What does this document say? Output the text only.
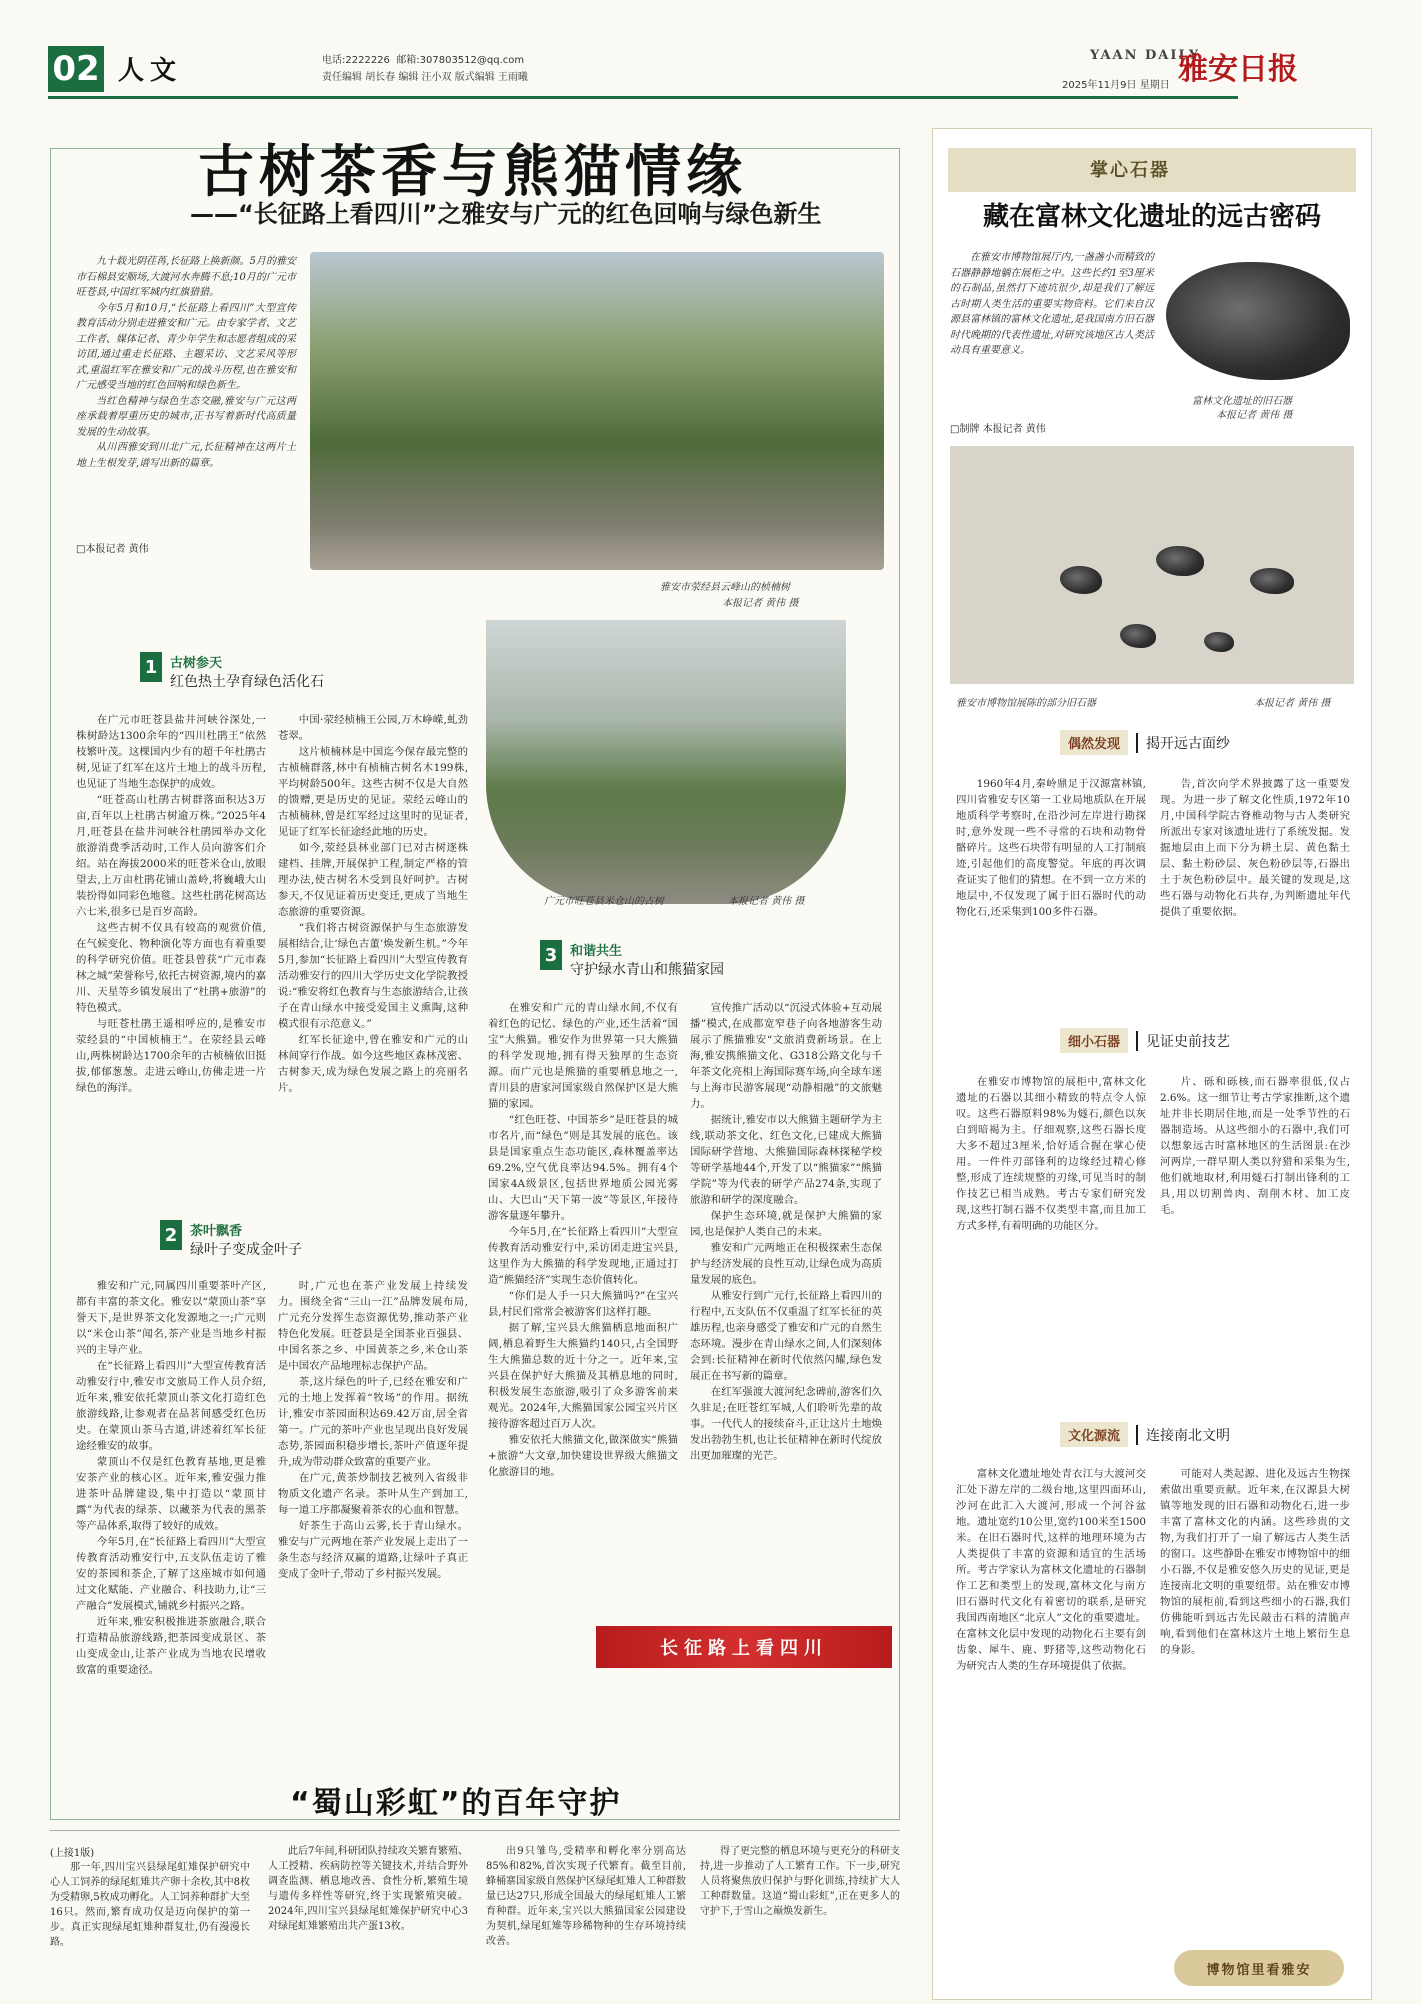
02 人文	电话:2222226 邮箱:307803512@qq.com
责任编辑 胡长春 编辑 汪小双 版式编辑 王雨曦
YAAN DAILY
2025年11月9日 星期日 雅安日报
古树茶香与熊猫情缘
——“长征路上看四川”之雅安与广元的红色回响与绿色新生

九十载光阴荏苒,长征路上换新颜。5月的雅安市石棉县安顺场,大渡河水奔腾不息;10月的广元市旺苍县,中国红军城内红旗猎猎。

今年5月和10月,“长征路上看四川”大型宣传教育活动分别走进雅安和广元。由专家学者、文艺工作者、媒体记者、青少年学生和志愿者组成的采访团,通过重走长征路、主题采访、文艺采风等形式,重温红军在雅安和广元的战斗历程,也在雅安和广元感受当地的红色回响和绿色新生。

当红色精神与绿色生态交融,雅安与广元这两座承载着厚重历史的城市,正书写着新时代高质量发展的生动故事。

从川西雅安到川北广元,长征精神在这两片土地上生根发芽,谱写出新的篇章。

□本报记者 黄伟
雅安市荥经县云峰山的桢楠树
本报记者 黄伟 摄
广元市旺苍县米仓山的古树	本报记者 黄伟 摄
1 古树参天
红色热土孕育绿色活化石

在广元市旺苍县盐井河峡谷深处,一株树龄达1300余年的“四川杜鹃王”依然枝繁叶茂。这棵国内少有的超千年杜鹃古树,见证了红军在这片土地上的战斗历程,也见证了当地生态保护的成效。

“旺苍高山杜鹃古树群落面积达3万亩,百年以上杜鹃古树逾万株。”2025年4月,旺苍县在盐井河峡谷杜鹃园举办文化旅游消费季活动时,工作人员向游客们介绍。站在海拔2000米的旺苍米仓山,放眼望去,上万亩杜鹃花铺山盖岭,将巍峨大山装扮得如同彩色地毯。这些杜鹃花树高达六七米,很多已是百岁高龄。

这些古树不仅具有较高的观赏价值,在气候变化、物种演化等方面也有着重要的科学研究价值。旺苍县曾获“广元市森林之城”荣誉称号,依托古树资源,境内的嘉川、天星等乡镇发展出了“杜鹃+旅游”的特色模式。

与旺苍杜鹃王遥相呼应的,是雅安市荥经县的“中国桢楠王”。在荥经县云峰山,两株树龄达1700余年的古桢楠依旧挺拔,郁郁葱葱。走进云峰山,仿佛走进一片绿色的海洋。

中国·荥经桢楠王公园,万木峥嵘,虬劲苍翠。

这片桢楠林是中国迄今保存最完整的古桢楠群落,林中有桢楠古树名木199株,平均树龄500年。这些古树不仅是大自然的馈赠,更是历史的见证。荥经云峰山的古桢楠林,曾是红军经过这里时的见证者,见证了红军长征途经此地的历史。

如今,荥经县林业部门已对古树逐株建档、挂牌,开展保护工程,制定严格的管理办法,使古树名木受到良好呵护。古树参天,不仅见证着历史变迁,更成了当地生态旅游的重要资源。

“我们将古树资源保护与生态旅游发展相结合,让‘绿色古董’焕发新生机。”今年5月,参加“长征路上看四川”大型宣传教育活动雅安行的四川大学历史文化学院教授说:“雅安将红色教育与生态旅游结合,让孩子在青山绿水中接受爱国主义熏陶,这种模式很有示范意义。”

红军长征途中,曾在雅安和广元的山林间穿行作战。如今这些地区森林茂密、古树参天,成为绿色发展之路上的亮丽名片。

2 茶叶飘香
绿叶子变成金叶子

雅安和广元,同属四川重要茶叶产区,都有丰富的茶文化。雅安以“蒙顶山茶”享誉天下,是世界茶文化发源地之一;广元则以“米仓山茶”闻名,茶产业是当地乡村振兴的主导产业。

在“长征路上看四川”大型宣传教育活动雅安行中,雅安市文旅局工作人员介绍,近年来,雅安依托蒙顶山茶文化打造红色旅游线路,让参观者在品茗间感受红色历史。在蒙顶山茶马古道,讲述着红军长征途经雅安的故事。

蒙顶山不仅是红色教育基地,更是雅安茶产业的核心区。近年来,雅安强力推进茶叶品牌建设,集中打造以“蒙顶甘露”为代表的绿茶、以藏茶为代表的黑茶等产品体系,取得了较好的成效。

今年5月,在“长征路上看四川”大型宣传教育活动雅安行中,五支队伍走访了雅安的茶园和茶企,了解了这座城市如何通过文化赋能、产业融合、科技助力,让“三产融合”发展模式,铺就乡村振兴之路。

近年来,雅安积极推进茶旅融合,联合打造精品旅游线路,把茶园变成景区、茶山变成金山,让茶产业成为当地农民增收致富的重要途径。

时,广元也在茶产业发展上持续发力。围绕全省“三山一江”品牌发展布局,广元充分发挥生态资源优势,推动茶产业特色化发展。旺苍县是全国茶业百强县、中国名茶之乡、中国黄茶之乡,米仓山茶是中国农产品地理标志保护产品。

茶,这片绿色的叶子,已经在雅安和广元的土地上发挥着“牧场”的作用。据统计,雅安市茶园面积达69.42万亩,居全省第一。广元的茶叶产业也呈现出良好发展态势,茶园面积稳步增长,茶叶产值逐年提升,成为带动群众致富的重要产业。

在广元,黄茶炒制技艺被列入省级非物质文化遗产名录。茶叶从生产到加工,每一道工序都凝聚着茶农的心血和智慧。

好茶生于高山云雾,长于青山绿水。雅安与广元两地在茶产业发展上走出了一条生态与经济双赢的道路,让绿叶子真正变成了金叶子,带动了乡村振兴发展。

3 和谐共生
守护绿水青山和熊猫家园

在雅安和广元的青山绿水间,不仅有着红色的记忆、绿色的产业,还生活着“国宝”大熊猫。雅安作为世界第一只大熊猫的科学发现地,拥有得天独厚的生态资源。而广元也是熊猫的重要栖息地之一,青川县的唐家河国家级自然保护区是大熊猫的家园。

“红色旺苍、中国茶乡”是旺苍县的城市名片,而“绿色”则是其发展的底色。该县是国家重点生态功能区,森林覆盖率达69.2%,空气优良率达94.5%。拥有4个国家4A级景区,包括世界地质公园光雾山、大巴山“天下第一波”等景区,年接待游客量逐年攀升。

今年5月,在“长征路上看四川”大型宣传教育活动雅安行中,采访团走进宝兴县,这里作为大熊猫的科学发现地,正通过打造“熊猫经济”实现生态价值转化。

“你们是人手一只大熊猫吗?”在宝兴县,村民们常常会被游客们这样打趣。

据了解,宝兴县大熊猫栖息地面积广阔,栖息着野生大熊猫约140只,占全国野生大熊猫总数的近十分之一。近年来,宝兴县在保护好大熊猫及其栖息地的同时,积极发展生态旅游,吸引了众多游客前来观光。2024年,大熊猫国家公园宝兴片区接待游客超过百万人次。

雅安依托大熊猫文化,做深做实“熊猫+旅游”大文章,加快建设世界级大熊猫文化旅游目的地。

宣传推广活动以“沉浸式体验+互动展播”模式,在成都宽窄巷子向各地游客生动展示了熊猫雅安“文旅消费新场景。在上海,雅安携熊猫文化、G318公路文化与千年茶文化亮相上海国际赛车场,向全球车迷与上海市民游客展现“动静相融”的文旅魅力。

据统计,雅安市以大熊猫主题研学为主线,联动茶文化、红色文化,已建成大熊猫国际研学营地、大熊猫国际森林探秘学校等研学基地44个,开发了以“熊猫家”“熊猫学院”等为代表的研学产品274条,实现了旅游和研学的深度融合。

保护生态环境,就是保护大熊猫的家园,也是保护人类自己的未来。

雅安和广元两地正在积极探索生态保护与经济发展的良性互动,让绿色成为高质量发展的底色。

从雅安行到广元行,长征路上看四川的行程中,五支队伍不仅重温了红军长征的英雄历程,也亲身感受了雅安和广元的自然生态环境。漫步在青山绿水之间,人们深刻体会到:长征精神在新时代依然闪耀,绿色发展正在书写新的篇章。

在红军强渡大渡河纪念碑前,游客们久久驻足;在旺苍红军城,人们聆听先辈的故事。一代代人的接续奋斗,正让这片土地焕发出勃勃生机,也让长征精神在新时代绽放出更加璀璨的光芒。

长征路上看四川
“蜀山彩虹”的百年守护
(上接1版)
那一年,四川宝兴县绿尾虹雉保护研究中心人工饲养的绿尾虹雉共产卵十余枚,其中8枚为受精卵,5枚成功孵化。人工饲养种群扩大至16只。然而,繁育成功仅是迈向保护的第一步。真正实现绿尾虹雉种群复壮,仍有漫漫长路。
此后7年间,科研团队持续攻关繁育繁殖、人工授精、疾病防控等关键技术,并结合野外调查监测、栖息地改善、食性分析,繁殖生境与遗传多样性等研究,终于实现繁殖突破。2024年,四川宝兴县绿尾虹雉保护研究中心3对绿尾虹雉繁殖出共产蛋13枚。
出9只雏鸟,受精率和孵化率分别高达85%和82%,首次实现子代繁育。截至目前,蜂桶寨国家级自然保护区绿尾虹雉人工种群数量已达27只,形成全国最大的绿尾虹雉人工繁育种群。近年来,宝兴以大熊猫国家公园建设为契机,绿尾虹雉等珍稀物种的生存环境持续改善。
得了更完整的栖息环境与更充分的科研支持,进一步推动了人工繁育工作。下一步,研究人员将聚焦放归保护与野化训练,持续扩大人工种群数量。这道“蜀山彩虹”,正在更多人的守护下,于雪山之巅焕发新生。
掌心石器
藏在富林文化遗址的远古密码
在雅安市博物馆展厅内,一盏盏小而精致的石器静静地躺在展柜之中。这些长约1至3厘米的石制品,虽然打下迹坑很少,却是我们了解远古时期人类生活的重要实物资料。它们来自汉源县富林镇的富林文化遗址,是我国南方旧石器时代晚期的代表性遗址,对研究该地区古人类活动具有重要意义。
□制牌 本报记者 黄伟
富林文化遗址的旧石器
本报记者 黄伟 摄
雅安市博物馆展陈的部分旧石器	本报记者 黄伟 摄
偶然发现	揭开远古面纱
1960年4月,秦岭鼎足于汉源富林镇,四川省雅安专区第一工业局地质队在开展地质科学考察时,在沿沙河左岸进行勘探时,意外发现一些不寻常的石块和动物骨骼碎片。这些石块带有明显的人工打制痕迹,引起他们的高度警觉。年底的再次调查证实了他们的猜想。在不到一立方米的地层中,不仅发现了属于旧石器时代的动物化石,还采集到100多件石器。
告,首次向学术界披露了这一重要发现。为进一步了解文化性质,1972年10月,中国科学院古脊椎动物与古人类研究所派出专家对该遗址进行了系统发掘。发掘地层由上而下分为耕土层、黄色黏土层、黏土粉砂层、灰色粉砂层等,石器出土于灰色粉砂层中。最关键的发现是,这些石器与动物化石共存,为判断遗址年代提供了重要依据。
细小石器	见证史前技艺
在雅安市博物馆的展柜中,富林文化遗址的石器以其细小精致的特点令人惊叹。这些石器原料98%为燧石,颜色以灰白到暗褐为主。仔细观察,这些石器长度大多不超过3厘米,恰好适合握在掌心使用。一件件刃部锋利的边缘经过精心修整,形成了连续规整的刃缘,可见当时的制作技艺已相当成熟。考古专家们研究发现,这些打制石器不仅类型丰富,而且加工方式多样,有着明确的功能区分。
片、砾和砾核,而石器率很低,仅占2.6%。这一细节让考古学家推断,这个遗址并非长期居住地,而是一处季节性的石器制造场。从这些细小的石器中,我们可以想象远古时富林地区的生活图景:在沙河两岸,一群早期人类以狩猎和采集为生,他们就地取材,利用燧石打制出锋利的工具,用以切割兽肉、刮削木材、加工皮毛。
文化源流	连接南北文明
富林文化遗址地处青衣江与大渡河交汇处下游左岸的二级台地,这里四面环山,沙河在此汇入大渡河,形成一个河谷盆地。遗址宽约10公里,宽约100米至1500米。在旧石器时代,这样的地理环境为古人类提供了丰富的资源和适宜的生活场所。考古学家认为富林文化遗址的石器制作工艺和类型上的发现,富林文化与南方旧石器时代文化有着密切的联系,是研究我国西南地区“北京人”文化的重要遗址。在富林文化层中发现的动物化石主要有剑齿象、犀牛、鹿、野猪等,这些动物化石为研究古人类的生存环境提供了依据。
可能对人类起源、进化及远古生物探索做出重要贡献。近年来,在汉源县大树镇等地发现的旧石器和动物化石,进一步丰富了富林文化的内涵。这些珍贵的文物,为我们打开了一扇了解远古人类生活的窗口。这些静卧在雅安市博物馆中的细小石器,不仅是雅安悠久历史的见证,更是连接南北文明的重要纽带。站在雅安市博物馆的展柜前,看到这些细小的石器,我们仿佛能听到远古先民敲击石料的清脆声响,看到他们在富林这片土地上繁衍生息的身影。
博物馆里看雅安
